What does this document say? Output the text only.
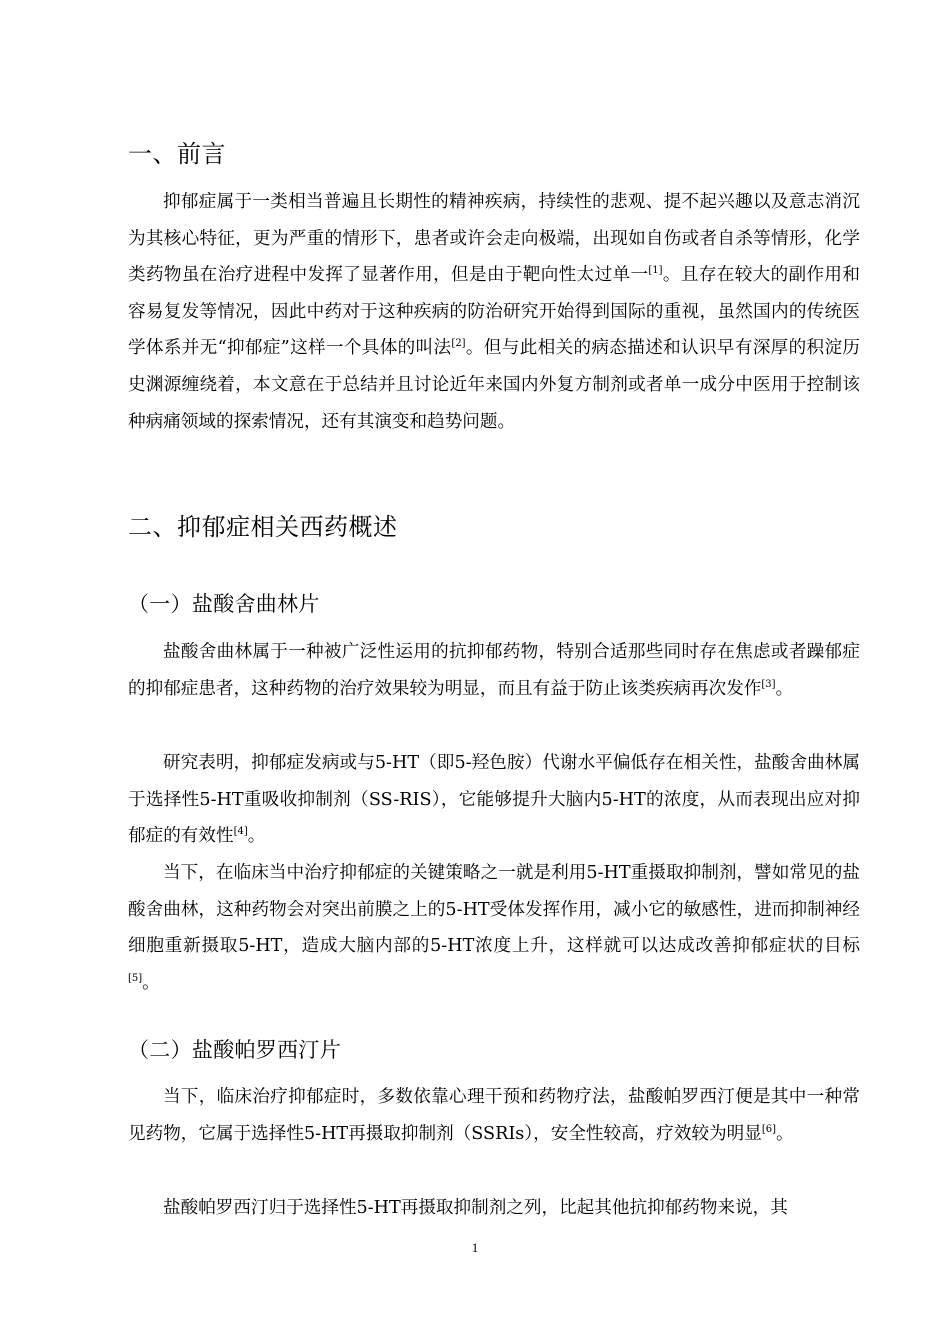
一、前言
抑郁症属于一类相当普遍且长期性的精神疾病，持续性的悲观、提不起兴趣以及意志消沉为其核心特征，更为严重的情形下，患者或许会走向极端，出现如自伤或者自杀等情形，化学类药物虽在治疗进程中发挥了显著作用，但是由于靶向性太过单一[1]。且存在较大的副作用和容易复发等情况，因此中药对于这种疾病的防治研究开始得到国际的重视，虽然国内的传统医学体系并无“抑郁症”这样一个具体的叫法[2]。但与此相关的病态描述和认识早有深厚的积淀历史渊源缠绕着，本文意在于总结并且讨论近年来国内外复方制剂或者单一成分中医用于控制该种病痛领域的探索情况，还有其演变和趋势问题。
二、抑郁症相关西药概述
（一）盐酸舍曲林片
盐酸舍曲林属于一种被广泛性运用的抗抑郁药物，特别合适那些同时存在焦虑或者躁郁症的抑郁症患者，这种药物的治疗效果较为明显，而且有益于防止该类疾病再次发作[3]。
研究表明，抑郁症发病或与5-HT（即5-羟色胺）代谢水平偏低存在相关性，盐酸舍曲林属于选择性5-HT重吸收抑制剂（SS-RIS），它能够提升大脑内5-HT的浓度，从而表现出应对抑郁症的有效性[4]。
当下，在临床当中治疗抑郁症的关键策略之一就是利用5-HT重摄取抑制剂，譬如常见的盐酸舍曲林，这种药物会对突出前膜之上的5-HT受体发挥作用，减小它的敏感性，进而抑制神经细胞重新摄取5-HT，造成大脑内部的5-HT浓度上升，这样就可以达成改善抑郁症状的目标[5]。
（二）盐酸帕罗西汀片
当下，临床治疗抑郁症时，多数依靠心理干预和药物疗法，盐酸帕罗西汀便是其中一种常见药物，它属于选择性5-HT再摄取抑制剂（SSRIs），安全性较高，疗效较为明显[6]。
盐酸帕罗西汀归于选择性5-HT再摄取抑制剂之列，比起其他抗抑郁药物来说，其
1
